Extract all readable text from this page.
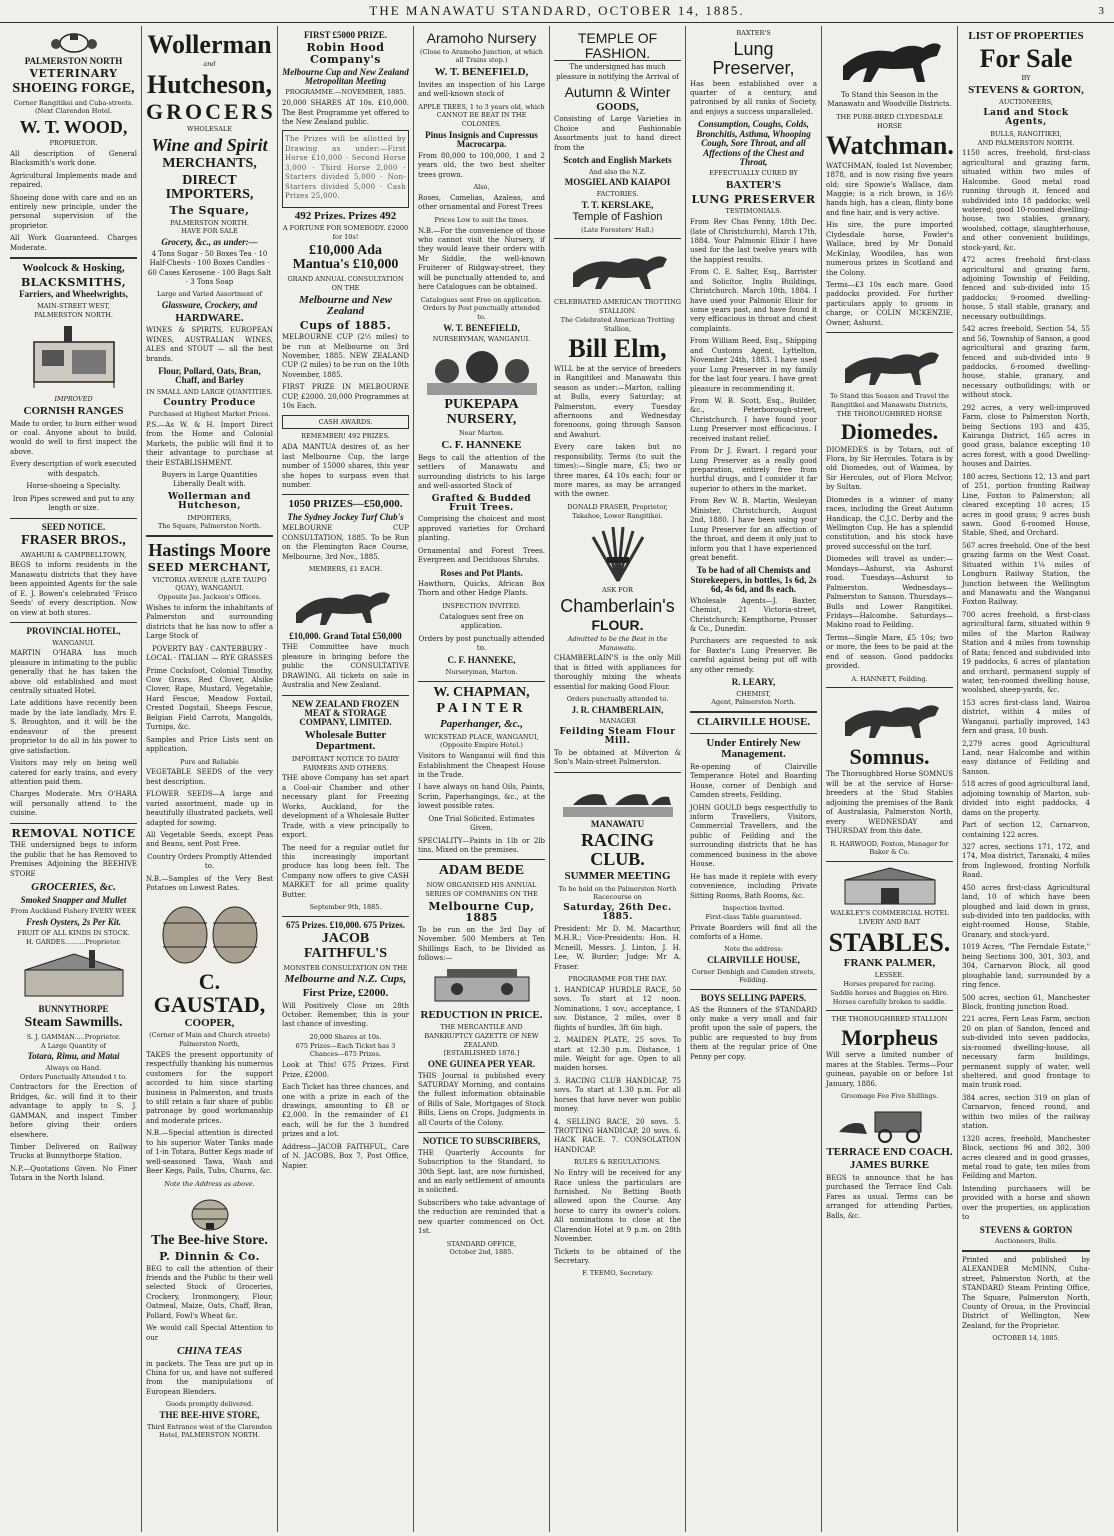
THE MANAWATU STANDARD, OCTOBER 14, 1885.	3
PALMERSTON NORTH
VETERINARY
SHOEING FORGE,
Corner Rangitikei and Cuba-streets. (Next Clarendon Hotel.
W. T. WOOD,
PROPRIETOR.

All description of General Blacksmith's work done.

Agricultural Implements made and repaired.

Shoeing done with care and on an entirely new principle, under the personal supervision of the proprietor.

All Work Guaranteed. Charges Moderate.

Woolcock & Hosking,
BLACKSMITHS,
Farriers, and Wheelwrights,
MAIN-STREET WEST,
PALMERSTON NORTH.
IMPROVED
CORNISH RANGES

Made to order, to burn either wood or coal. Anyone about to build, would do well to first inspect the above.

Every description of work executed with despatch.

Horse-shoeing a Specialty.

Iron Pipes screwed and put to any length or size.

SEED NOTICE.
FRASER BROS.,
AWAHURI & CAMPBELLTOWN,

BEGS to inform residents in the Manawatu districts that they have been appointed Agents for the sale of E. J. Bowen's celebrated 'Frisco Seeds' of every description. Now on view at both stores.

PROVINCIAL HOTEL,
WANGANUI.

MARTIN O'HARA has much pleasure in intimating to the public generally that he has taken the above old established and most centrally situated Hotel.

Late additions have recently been made by the late landlady, Mrs E. S. Broughton, and it will be the endeavour of the present proprietor to do all in his power to give satisfaction.

Visitors may rely on being well catered for early trains, and every attention paid them.

Charges Moderate. Mrs O'HARA will personally attend to the cuisine.

REMOVAL NOTICE

THE undersigned begs to inform the public that he has Removed to Premises Adjoining the BEEHIVE STORE

GROCERIES, &c.
Smoked Snapper and Mullet
From Auckland Fishery EVERY WEEK
Fresh Oysters, 2s Per Kit.
FRUIT OF ALL KINDS IN STOCK.
H. GARDES..........Proprietor.
BUNNYTHORPE
Steam Sawmills.
S. J. GAMMAN.....Proprietor.
A Large Quantity of
Totara, Rimu, and Matai
Always on Hand.
Orders Punctually Attended t to.

Contractors for the Erection of Bridges, &c. will find it to their advantage to apply to S. J. GAMMAN, and inspect Timber before giving their orders elsewhere.

Timber Delivered on Railway Trucks at Bunnythorpe Station.

N.P.—Quotations Given. No Finer Totara in the North Island.

Wollerman
and
Hutcheson,
GROCERS
WHOLESALE
Wine and Spirit
MERCHANTS,
DIRECT IMPORTERS,
The Square,
PALMERSTON NORTH.
HAVE FOR SALE
Grocery, &c., as under:—

4 Tons Sugar · 50 Boxes Tea · 10 Half-Chests · 100 Boxes Candles · 60 Cases Kerosene · 100 Bags Salt · 3 Tons Soap

Large and Varied Assortment of
Glassware, Crockery, and
HARDWARE.

WINES & SPIRITS, EUROPEAN WINES, AUSTRALIAN WINES, ALES and STOUT — all the best brands.

Flour, Pollard, Oats, Bran, Chaff, and Barley
IN SMALL AND LARGE QUANTITIES.
Country Produce
Purchased at Highest Market Prices.

P.S.—As W. & H. Import Direct from the Home and Colonial Markets, the public will find it to their advantage to purchase at their ESTABLISHMENT.

Buyers in Large Quantities Liberally Dealt with.

Wollerman and Hutcheson,
IMPORTERS,
The Square, Palmerston North.
Hastings Moore
SEED MERCHANT,
VICTORIA AVENUE (LATE TAUPO QUAY), WANGANUI.
Opposite Jas. Jackson's Offices.

Wishes to inform the inhabitants of Palmerston and surrounding districts that he has now to offer a Large Stock of

POVERTY BAY · CANTERBURY · LOCAL · ITALIAN — RYE GRASSES

Prime Cocksfoot, Colonial Timothy, Cow Grass, Red Clover, Alsike Clover, Rape, Mustard, Vegetable, Hard Fescue, Meadow Foxtail, Crested Dogstail, Sheeps Fescue, Belgian Field Carrots, Mangolds, Turnips, &c.

Samples and Price Lists sent on application.

Pure and Reliable

VEGETABLE SEEDS of the very best description.

FLOWER SEEDS—A large and varied assortment, made up in beautifully illustrated packets, well adapted for sowing.

All Vegetable Seeds, except Peas and Beans, sent Post Free.

Country Orders Promptly Attended to.

N.B.—Samples of the Very Best Potatoes on Lowest Rates.

C. GAUSTAD,
COOPER,
(Corner of Main and Church streets) Palmerston North,

TAKES the present opportunity of respectfully thanking his numerous customers for the support accorded to him since starting business in Palmerston, and trusts to still retain a fair share of public patronage by good workmanship and moderate prices.

N.B.—Special attention is directed to his superior Water Tanks made of 1-in Totara, Butter Kegs made of well-seasoned Tawa, Wash and Beer Kegs, Pails, Tubs, Churns, &c.

Note the Address as above.
The Bee-hive Store.
P. Dinnin & Co.

BEG to call the attention of their friends and the Public to their well selected Stock of Groceries, Crockery, Ironmongery, Flour, Oatmeal, Maize, Oats, Chaff, Bran, Pollard, Fowl's Wheat &c.

We would call Special Attention to our

CHINA TEAS

in packets. The Teas are put up in China for us, and have not suffered from the manipulations of European Blenders.

Goods promptly delivered.
THE BEE-HIVE STORE,
Third Entrance west of the Clarendon Hotel, PALMERSTON NORTH.
FIRST £5000 PRIZE.
Robin Hood Company's
Melbourne Cup and New Zealand Metropolitan Meeting
PROGRAMME.—NOVEMBER, 1885.

20,000 SHARES AT 10s. £10,000. The Best Programme yet offered to the New Zealand public.

The Prizes will be allotted by Drawing as under:—First Horse £10,000 · Second Horse 3,000 · Third Horse 2,000 · Starters divided 5,000 · Non-Starters divided 5,000 · Cash Prizes 25,000.

492 Prizes. Prizes 492
A FORTUNE FOR SOMEBODY. £2000 for 10s!
£10,000 Ada Mantua's £10,000
GRAND ANNUAL CONSULTATION ON THE
Melbourne and New Zealand
Cups of 1885.

MELBOURNE CUP (2½ miles) to be run at Melbourne on 3rd November, 1885. NEW ZEALAND CUP (2 miles) to be run on the 10th November, 1885.

FIRST PRIZE IN MELBOURNE CUP, £2000. 20,000 Programmes at 10s Each.

CASH AWARDS.
REMEMBER! 492 PRIZES.

ADA MANTUA desires of, as her last Melbourne Cup, the large number of 15000 shares, this year she hopes to surpass even that number.

1050 PRIZES—£50,000.
The Sydney Jockey Turf Club's

MELBOURNE CUP CONSULTATION, 1885. To be Run on the Flemington Race Course, Melbourne, 3rd Nov., 1885.

MEMBERS, £1 EACH.
£10,000. Grand Total £50,000

THE Committee have much pleasure in bringing before the public the CONSULTATIVE DRAWING. All tickets on sale in Australia and New Zealand.

NEW ZEALAND FROZEN MEAT & STORAGE COMPANY, LIMITED.
Wholesale Butter Department.
IMPORTANT NOTICE TO DAIRY FARMERS AND OTHERS.

THE above Company has set apart a Cool-air Chamber and other necessary plant for Freezing Works, Auckland, for the development of a Wholesale Butter Trade, with a view principally to export.

The need for a regular outlet for this increasingly important produce has long been felt. The Company now offers to give CASH MARKET for all prime quality Butter.

September 9th, 1885.
675 Prizes. £10,000. 675 Prizes.
JACOB FAITHFUL'S
MONSTER CONSULTATION ON THE
Melbourne and N.Z. Cups,
First Prize, £2000.

Will Positively Close on 28th October. Remember, this is your last chance of investing.

20,000 Shares at 10s.
675 Prizes—Each Ticket has 3 Chances—675 Prizes.

Look at This! 675 Prizes. First Prize, £2000.

Each Ticket has three chances, and one with a prize in each of the drawings, amounting to £8 or £2,000. In the remainder of £1 each, will be for the 3 hundred prizes and a lot.

Address—JACOB FAITHFUL, Care of N. JACOBS, Box 7, Post Office, Napier.

Aramoho Nursery
(Close to Aramoho Junction, at which all Trains stop.)
W. T. BENEFIELD,

Invites an inspection of his Large and well-known stock of

APPLE TREES, 1 to 3 years old, which
CANNOT BE BEAT IN THE COLONIES.
Pinus Insignis and Cupressus Macrocarpa.

From 80,000 to 100,000, 1 and 2 years old, the two best shelter trees grown.

Also,

Roses, Camelias, Azaleas, and other ornamental and Forest Trees

Prices Low to suit the times.

N.B.—For the convenience of those who cannot visit the Nursery, if they would leave their orders with Mr Siddle, the well-known Fruiterer of Ridgway-street, they will be punctually attended to, and here Catalogues can be obtained.

Catalogues sent Free on application.
Orders by Post punctually attended to.
W. T. BENEFIELD,
NURSERYMAN, WANGANUI.
PUKEPAPA NURSERY,
Near Marton.
C. F. HANNEKE

Begs to call the attention of the settlers of Manawatu and surrounding districts to his large and well-assorted Stock of

Grafted & Budded Fruit Trees.

Comprising the choicest and most approved varieties for Orchard planting.

Ornamental and Forest Trees. Evergreen and Deciduous Shrubs.

Roses and Pot Plants.

Hawthorn, Quicks, African Box Thorn and other Hedge Plants.

INSPECTION INVITED.

Catalogues sent free on application.

Orders by post punctually attended to.

C. F. HANNEKE,
Nurseryman, Marton.
W. CHAPMAN,
PAINTER
Paperhanger, &c.,
WICKSTEAD PLACE, WANGANUI, (Opposite Empire Hotel.)

Visitors to Wanganui will find this Establishment the Cheapest House in the Trade.

I have always on hand Oils, Paints, Scrim, Paperhangings, &c., at the lowest possible rates.

One Trial Solicited. Estimates Given.

SPECIALITY—Paints in 1lb or 2lb tins, Mixed on the premises.

ADAM BEDE
NOW ORGANISED HIS ANNUAL SERIES OF COMPANIES ON THE
Melbourne Cup, 1885

To be run on the 3rd Day of November. 500 Members at Ten Shillings Each, to be Divided as follows:—

REDUCTION IN PRICE.
THE MERCANTILE AND BANKRUPTCY GAZETTE OF NEW ZEALAND.
[ESTABLISHED 1876.]
ONE GUINEA PER YEAR.

THIS Journal is published every SATURDAY Morning, and contains the fullest information obtainable of Bills of Sale, Mortgages of Stock Bills, Liens on Crops, Judgments in all Courts of the Colony.

NOTICE TO SUBSCRIBERS,

THE Quarterly Accounts for Subscription to the Standard, to 30th Sept. last, are now furnished, and an early settlement of amounts is solicited.

Subscribers who take advantage of the reduction are reminded that a new quarter commenced on Oct. 1st.

STANDARD OFFICE,
October 2nd, 1885.
TEMPLE OF FASHION.

The undersigned has much pleasure in notifying the Arrival of

Autumn & Winter
GOODS,

Consisting of Large Varieties in Choice and Fashionable Assortments just to hand direct from the

Scotch and English Markets
And also the N.Z.
MOSGIEL AND KAIAPOI
FACTORIES.
T. T. KERSLAKE,
Temple of Fashion
(Late Foresters' Hall.)
CELEBRATED AMERICAN TROTTING STALLION.
The Celebrated American Trotting Stallion,
Bill Elm,

WILL be at the service of breeders in Rangitikei and Manawatu this season as under:—Marton, calling at Bulls, every Saturday; at Palmerston, every Tuesday afternoons and Wednesday forenoons, going through Sanson and Awahuri.

Every care taken but no responsibility. Terms (to suit the times):—Single mare, £5; two or three mares, £4 10s each; four or more mares, as may be arranged with the owner.

DONALD FRASER, Proprietor, Takahoe, Lower Rangitikei.
ASK FOR
Chamberlain's
FLOUR.
Admitted to be the Best in the Manawatu.

CHAMBERLAIN'S is the only Mill that is fitted with appliances for thoroughly mixing the wheats essential for making Good Flour.

Orders punctually attended to.
J. R. CHAMBERLAIN,
MANAGER
Feilding Steam Flour Mill.

To be obtained at Milverton & Son's Main-street Palmerston.

MANAWATU
RACING CLUB.
SUMMER MEETING
To be held on the Palmerston North Racecourse on
Saturday, 26th Dec. 1885.

President: Mr D. M. Macarthur, M.H.R.; Vice-Presidents: Hon. H. Mcneill, Messrs. J. Linton, J. H. Lee, W. Burder; Judge: Mr A. Fraser.

PROGRAMME FOR THE DAY.

1. HANDICAP HURDLE RACE, 50 sovs. To start at 12 noon. Nominations, 1 sov.; acceptance, 1 sov. Distance, 2 miles, over 8 flights of hurdles, 3ft 6in high.

2. MAIDEN PLATE, 25 sovs. To start at 12.30 p.m. Distance, 1 mile. Weight for age. Open to all maiden horses.

3. RACING CLUB HANDICAP, 75 sovs. To start at 1.30 p.m. For all horses that have never won public money.

4. SELLING RACE, 20 sovs. 5. TROTTING HANDICAP, 20 sovs. 6. HACK RACE. 7. CONSOLATION HANDICAP.

RULES & REGULATIONS.

No Entry will be received for any Race unless the particulars are furnished. No Betting Booth allowed upon the Course. Any horse to carry its owner's colors. All nominations to close at the Clarendon Hotel at 9 p.m. on 28th November.

Tickets to be obtained of the Secretary.

F. TEEMO, Secretary.
BAXTER'S
Lung Preserver,

Has been established over a quarter of a century, and patronised by all ranks of Society, and enjoys a success unparalleled.

Consumption, Coughs, Colds, Bronchitis, Asthma, Whooping Cough, Sore Throat, and all Affections of the Chest and Throat,
EFFECTUALLY CURED BY
BAXTER'S
LUNG PRESERVER
TESTIMONIALS.

From Rev Chas Penny, 18th Dec. (late of Christchurch), March 17th, 1884. Your Palmonic Elixir I have used for the last twelve years with the happiest results.

From C. E. Salter, Esq., Barrister and Solicitor, Inglis Buildings, Christchurch. March 10th, 1884. I have used your Palmonic Elixir for some years past, and have found it very efficacious in throat and chest complaints.

From William Reed, Esq., Shipping and Customs Agent, Lyttelton, November 24th, 1883. I have used your Lung Preserver in my family for the last four years. I have great pleasure in recommending it.

From W. B. Scott, Esq., Builder, &c., Peterborough-street, Christchurch. I have found your Lung Preserver most efficacious. I received instant relief.

From Dr J. Ewart. I regard your Lung Preserver as a really good preparation, entirely free from hurtful drugs, and I consider it far superior to others in the market.

From Rev W. B. Martin, Wesleyan Minister, Christchurch, August 2nd, 1880. I have been using your Lung Preserver for an affection of the throat, and deem it only just to inform you that I have experienced great benefit.

To be had of all Chemists and Storekeepers, in bottles, 1s 6d, 2s 6d, 4s 6d, and 8s each.

Wholesale Agents—J. Baxter, Chemist, 21 Victoria-street, Christchurch; Kempthorne, Prosser & Co., Dunedin.

Purchasers are requested to ask for Baxter's Lung Preserver. Be careful against being put off with any other remedy.

R. LEARY,
CHEMIST,
Agent, Palmerston North.
CLAIRVILLE HOUSE.
Under Entirely New Management.

Re-opening of Clairville Temperance Hotel and Boarding House, corner of Denbigh and Camden streets, Feilding.

JOHN GOULD begs respectfully to inform Travellers, Visitors, Commercial Travellers, and the public of Feilding and the surrounding districts that he has commenced business in the above House.

He has made it replete with every convenience, including Private Sitting Rooms, Bath Rooms, &c.

Inspection Invited.
First-class Table guaranteed.

Private Boarders will find all the comforts of a Home.

Note the address:
CLAIRVILLE HOUSE,
Corner Denbigh and Camden streets, Feilding.
BOYS SELLING PAPERS.

AS the Runners of the STANDARD only make a very small and fair profit upon the sale of papers, the public are requested to buy from them at the regular price of One Penny per copy.

To Stand this Season in the Manawatu and Woodville Districts.

THE PURE-BRED CLYDESDALE HORSE
Watchman.

WATCHMAN, foaled 1st November, 1878, and is now rising five years old; sire Spowie's Wallace, dam Maggie; is a rich brown, is 16½ hands high, has a clean, flinty bone and fine hair, and is very active.

His sire, the pure imported Clydesdale horse, Fowler's Wallace, bred by Mr Donald McKinlay, Woodilea, has won numerous prizes in Scotland and the Colony.

Terms—£3 10s each mare. Good paddocks provided. For further particulars apply to groom in charge, or COLIN MCKENZIE, Owner, Ashurst.

To Stand this Season and Travel the Rangitikei and Manawatu Districts,
THE THOROUGHBRED HORSE
Diomedes.

DIOMEDES is by Totara, out of Flora, by Sir Hercules. Totara is by old Diomedes, out of Waimea, by Sir Hercules, out of Flora McIvor, by Sultan.

Diomedes is a winner of many races, including the Great Autumn Handicap, the C.J.C. Derby and the Wellington Cup. He has a splendid constitution, and his stock have proved successful on the turf.

Diomedes will travel as under:—Mondays—Ashurst, via Ashurst road. Tuesdays—Ashurst to Palmerston. Wednesdays—Palmerston to Sanson. Thursdays—Bulls and Lower Rangitikei. Fridays—Halcombe. Saturdays—Makino road to Feilding.

Terms—Single Mare, £5 10s; two or more, the fees to be paid at the end of season. Good paddocks provided.

A. HANNETT, Feilding.
Somnus.

The Thoroughbred Horse SOMNUS will be at the service of Horse-breeders at the Stud Stables adjoining the premises of the Bank of Australasia, Palmerston North, every WEDNESDAY and THURSDAY from this date.

R. HARWOOD, Foxton, Manager for Baker & Co.
WALKLEY'S COMMERCIAL HOTEL LIVERY AND BAIT
STABLES.
FRANK PALMER,
LESSEE.
Horses prepared for racing.
Saddle horses and Buggies on Hire.
Horses carefully broken to saddle.
THE THOROUGHBRED STALLION
Morpheus

Will serve a limited number of mares at the Stables. Terms—Four guineas, payable on or before 1st January, 1886.

Groomage Fee Five Shillings.
TERRACE END COACH.
JAMES BURKE

BEGS to announce that he has purchased the Terrace End Cab. Fares as usual. Terms can be arranged for attending Parties, Balls, &c.

LIST OF PROPERTIES
For Sale
BY
STEVENS & GORTON,
AUCTIONEERS,
Land and Stock Agents,
BULLS, RANGITIKEI,
AND PALMERSTON NORTH.

1150 acres, freehold, first-class agricultural and grazing farm, situated within two miles of Halcombe. Good metal road running through it, fenced and subdivided into 18 paddocks; well watered; good 10-roomed dwelling-house, two stables, granary, woolshed, cottage, slaughterhouse, and other convenient buildings, stock-yard, &c.

472 acres freehold first-class agricultural and grazing farm, adjoining Township of Feilding, fenced and sub-divided into 15 paddocks; 9-roomed dwelling-house, 5 stall stable, granary, and necessary outbuildings.

542 acres freehold, Section 54, 55 and 56, Township of Sanson, a good agricultural and grazing farm, fenced and sub-divided into 9 paddocks, 6-roomed dwelling-house, stable, granary, and necessary outbuildings; with or without stock.

292 acres, a very well-improved Farm, close to Palmerston North, being Sections 193 and 435, Kairanga District, 165 acres in good grass, balance excepting 10 acres forest, with a good Dwelling-houses and Dairies.

180 acres, Sections 12, 13 and part of 251, portion fronting Railway Line, Foxton to Palmerston; all cleared excepting 10 acres; 15 acres in good grass; 9 acres bush sawn. Good 6-roomed House, Stable, Shed, and Orchard.

567 acres freehold. One of the best grazing farms on the West Coast. Situated within 1¼ miles of Longburn Railway Station, the Junction between the Wellington and Manawatu and the Wanganui Foxton Railway.

700 acres freehold, a first-class agricultural farm, situated within 9 miles of the Marton Railway Station and 4 miles from township of Rata; fenced and subdivided into 19 paddocks, 6 acres of plantation and orchard, permanent supply of water, ten-roomed dwelling house, woolshed, sheep-yards, &c.

153 acres first-class land, Wairoa district, within 4 miles of Wanganui, partially improved, 143 fern and grass, 10 bush.

2,279 acres good Agricultural Land, near Halcombe and within easy distance of Feilding and Sanson.

518 acres of good agricultural land, adjoining township of Marton, sub-divided into eight paddocks, 4 dams on the property.

Part of section 12, Carnarvon, containing 122 acres.

327 acres, sections 171, 172, and 174, Moa district, Taranaki, 4 miles from Inglewood, fronting Norfolk Road.

450 acres first-class Agricultural land, 10 of which have been ploughed and laid down in grass, sub-divided into ten paddocks, with eight-roomed House, Stable, Granary, and stock-yard.

1019 Acres, "The Ferndale Estate," being Sections 300, 301, 303, and 304, Carnarvon Block, all good ploughable land, surrounded by a ring fence.

500 acres, section 61, Manchester Block, fronting junction Road.

221 acres, Fern Leas Farm, section 20 on plan of Sandon, fenced and sub-divided into seven paddocks, six-roomed dwelling-house, all necessary farm buildings, permanent supply of water, well sheltered, and good frontage to main trunk road.

384 acres, section 319 on plan of Carnarvon, fenced round, and within two miles of the railway station.

1320 acres, freehold, Manchester Block, sections 96 and 302, 300 acres cleared and in good grasses, metal road to gate, ten miles from Feilding and Marton.

Intending purchasers will be provided with a horse and shown over the properties, on application to

STEVENS & GORTON
Auctioneers, Bulls.

Printed and published by ALEXANDER McMINN, Cuba-street, Palmerston North, at the STANDARD Steam Printing Office, The Square, Palmerston North, County of Oroua, in the Provincial District of Wellington, New Zealand, for the Proprietor.

OCTOBER 14, 1885.
